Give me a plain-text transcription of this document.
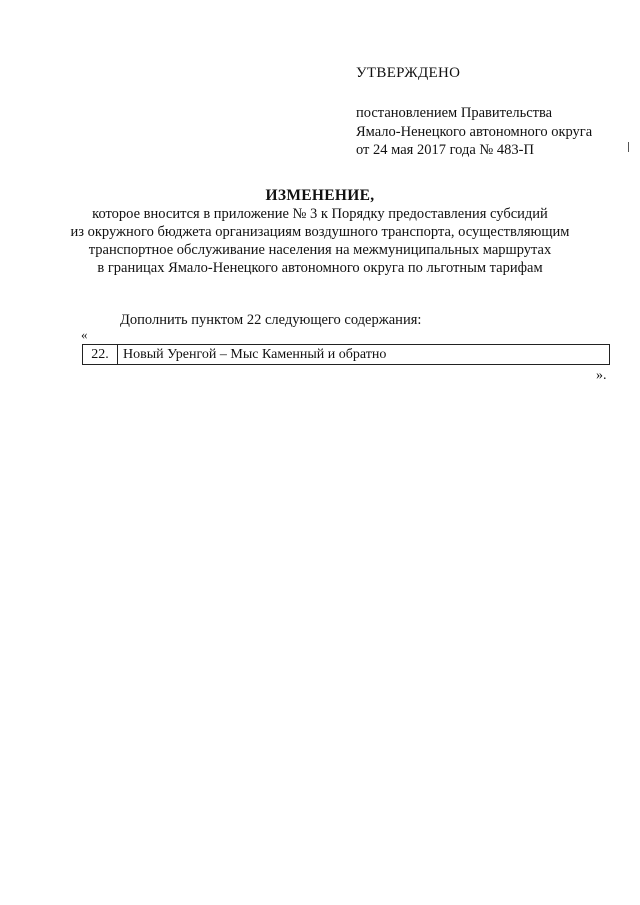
УТВЕРЖДЕНО

постановлением Правительства

Ямало-Ненецкого автономного округа

от 24 мая 2017 года № 483-П

ИЗМЕНЕНИЕ,

которое вносится в приложение № 3 к Порядку предоставления субсидий

из окружного бюджета организациям воздушного транспорта, осуществляющим

транспортное обслуживание населения на межмуниципальных маршрутах

в границах Ямало-Ненецкого автономного округа по льготным тарифам

Дополнить пунктом 22 следующего содержания:
«
22.	Новый Уренгой – Мыс Каменный и обратно
».
